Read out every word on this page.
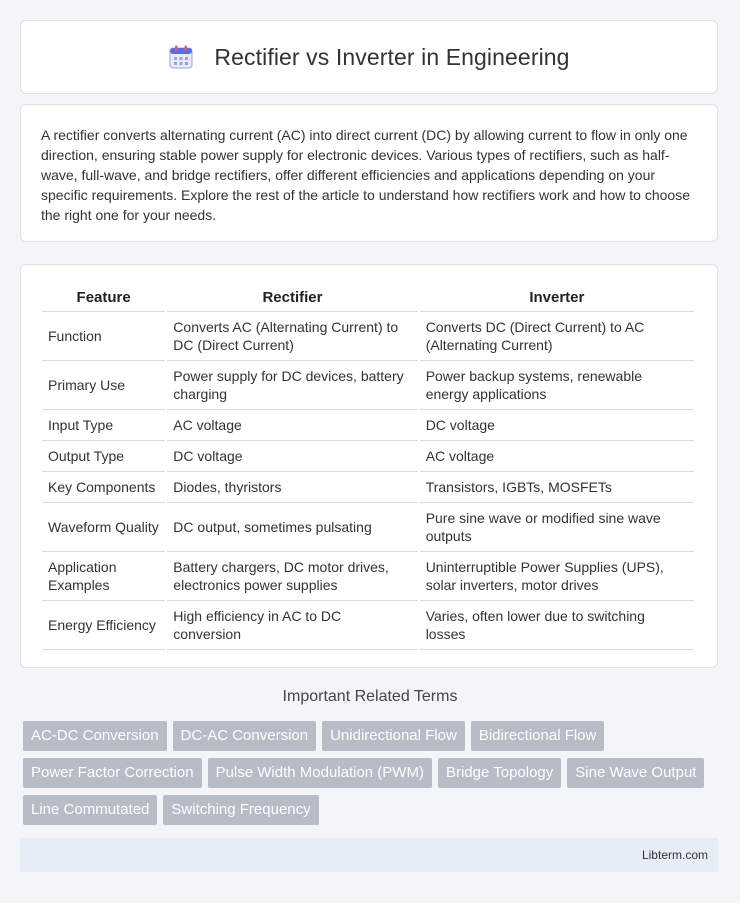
Rectifier vs Inverter in Engineering

A rectifier converts alternating current (AC) into direct current (DC) by allowing current to flow in only one direction, ensuring stable power supply for electronic devices. Various types of rectifiers, such as half-wave, full-wave, and bridge rectifiers, offer different efficiencies and applications depending on your specific requirements. Explore the rest of the article to understand how rectifiers work and how to choose the right one for your needs.

Feature	Rectifier	Inverter
Function	Converts AC (Alternating Current) to DC (Direct Current)	Converts DC (Direct Current) to AC (Alternating Current)
Primary Use	Power supply for DC devices, battery charging	Power backup systems, renewable energy applications
Input Type	AC voltage	DC voltage
Output Type	DC voltage	AC voltage
Key Components	Diodes, thyristors	Transistors, IGBTs, MOSFETs
Waveform Quality	DC output, sometimes pulsating	Pure sine wave or modified sine wave outputs
Application Examples	Battery chargers, DC motor drives, electronics power supplies	Uninterruptible Power Supplies (UPS), solar inverters, motor drives
Energy Efficiency	High efficiency in AC to DC conversion	Varies, often lower due to switching losses
Important Related Terms
AC-DC Conversion	DC-AC Conversion	Unidirectional Flow	Bidirectional Flow
Power Factor Correction	Pulse Width Modulation (PWM)	Bridge Topology	Sine Wave Output
Line Commutated	Switching Frequency
Libterm.com
